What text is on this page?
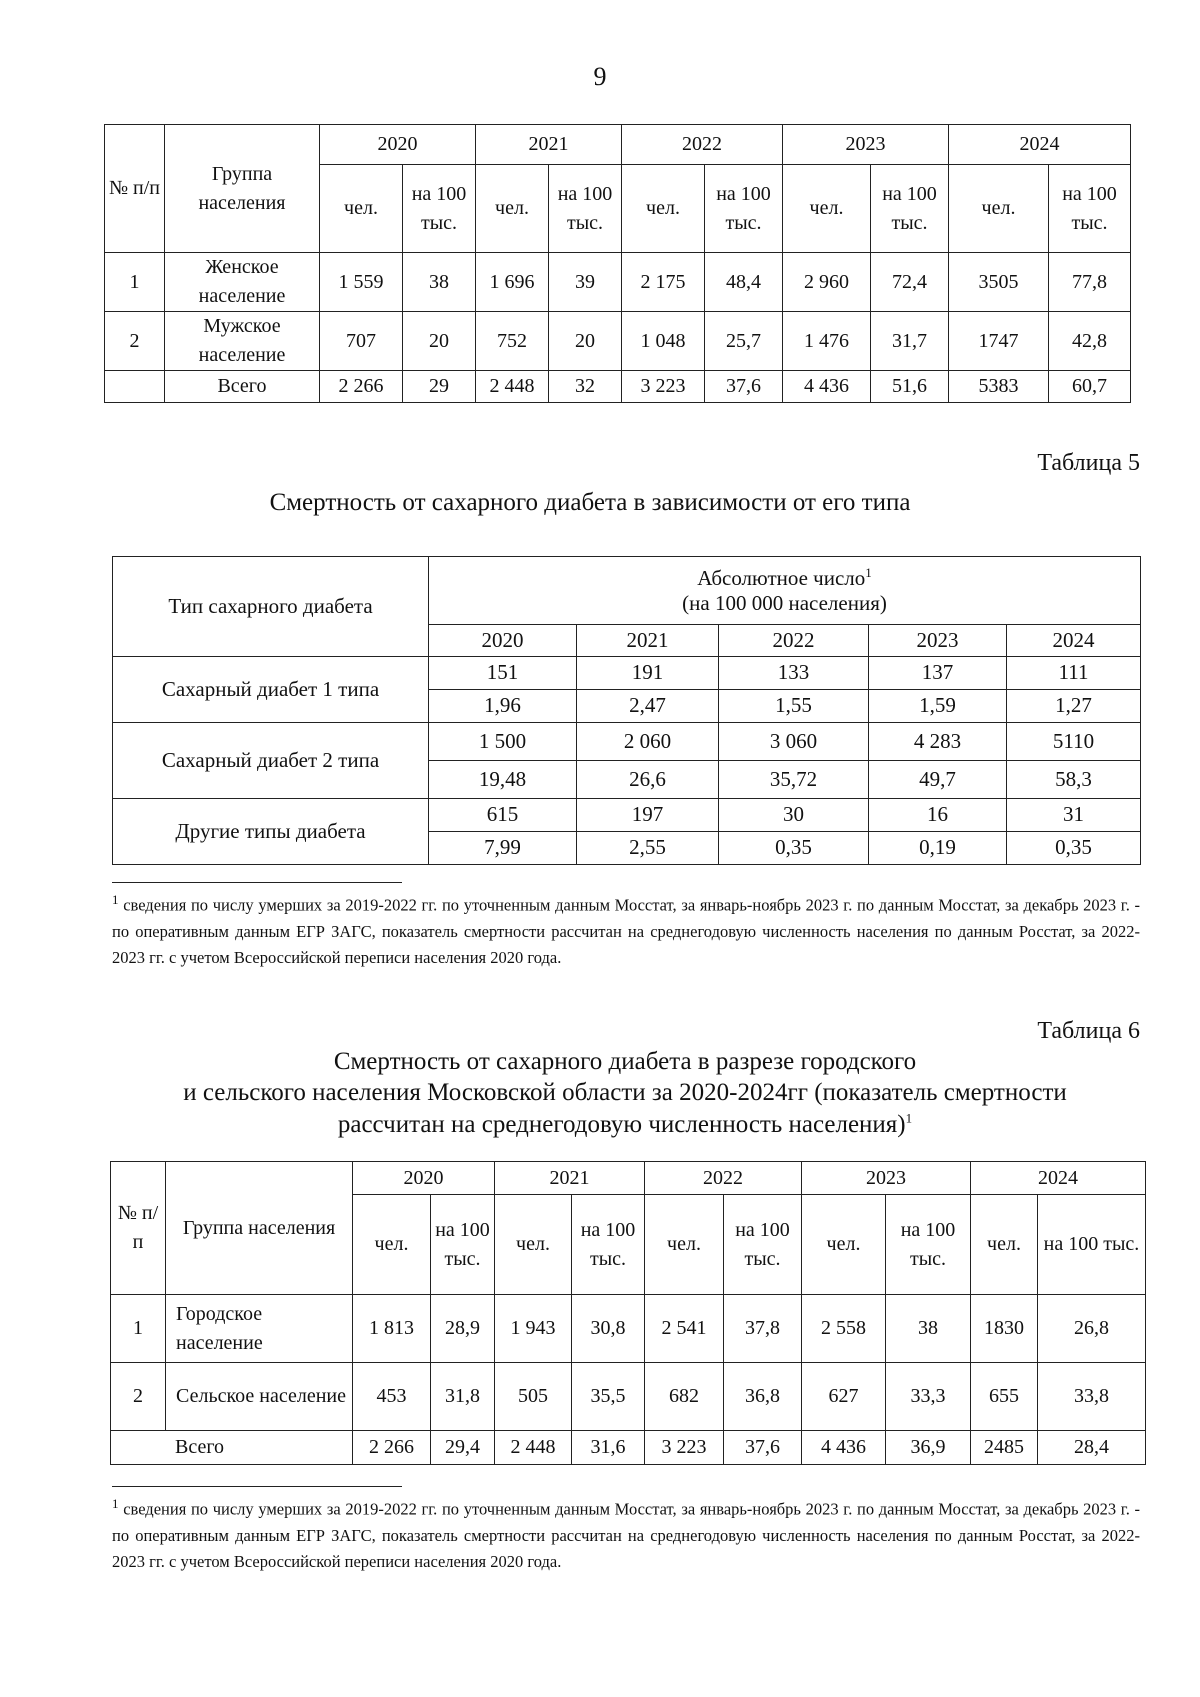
9
№ п/п	Группа населения	2020		2021		2022		2023		2024	
		чел.	на 100 тыс.	чел.	на 100 тыс.	чел.	на 100 тыс.	чел.	на 100 тыс.	чел.	на 100 тыс.
1	Женское население	1 559	38	1 696	39	2 175	48,4	2 960	72,4	3505	77,8
2	Мужское население	707	20	752	20	1 048	25,7	1 476	31,7	1747	42,8
	Всего	2 266	29	2 448	32	3 223	37,6	4 436	51,6	5383	60,7
Таблица 5
Смертность от сахарного диабета в зависимости от его типа
Тип сахарного диабета	Абсолютное число$^1$
(на 100 000 населения)				
	2020	2021	2022	2023	2024
Сахарный диабет 1 типа	151	191	133	137	111
	1,96	2,47	1,55	1,59	1,27
Сахарный диабет 2 типа	1 500	2 060	3 060	4 283	5110
	19,48	26,6	35,72	49,7	58,3
Другие типы диабета	615	197	30	16	31
	7,99	2,55	0,35	0,19	0,35
$^1$ сведения по числу умерших за 2019-2022 гг. по уточненным данным Мосстат, за январь-ноябрь 2023 г. по данным Мосстат, за декабрь 2023 г. - по оперативным данным ЕГР ЗАГС, показатель смертности рассчитан на среднегодовую численность населения по данным Росстат, за 2022-2023 гг. с учетом Всероссийской переписи населения 2020 года.
Таблица 6
Смертность от сахарного диабета в разрезе городского
и сельского населения Московской области за 2020-2024гг (показатель смертности
рассчитан на среднегодовую численность населения)$^1$
№ п/п	Группа населения	2020		2021		2022		2023		2024	
		чел.	на 100 тыс.	чел.	на 100 тыс.	чел.	на 100 тыс.	чел.	на 100 тыс.	чел.	на 100 тыс.
1	Городское население	1 813	28,9	1 943	30,8	2 541	37,8	2 558	38	1830	26,8
2	Сельское население	453	31,8	505	35,5	682	36,8	627	33,3	655	33,8
Всего		2 266	29,4	2 448	31,6	3 223	37,6	4 436	36,9	2485	28,4
$^1$ сведения по числу умерших за 2019-2022 гг. по уточненным данным Мосстат, за январь-ноябрь 2023 г. по данным Мосстат, за декабрь 2023 г. - по оперативным данным ЕГР ЗАГС, показатель смертности рассчитан на среднегодовую численность населения по данным Росстат, за 2022-2023 гг. с учетом Всероссийской переписи населения 2020 года.
